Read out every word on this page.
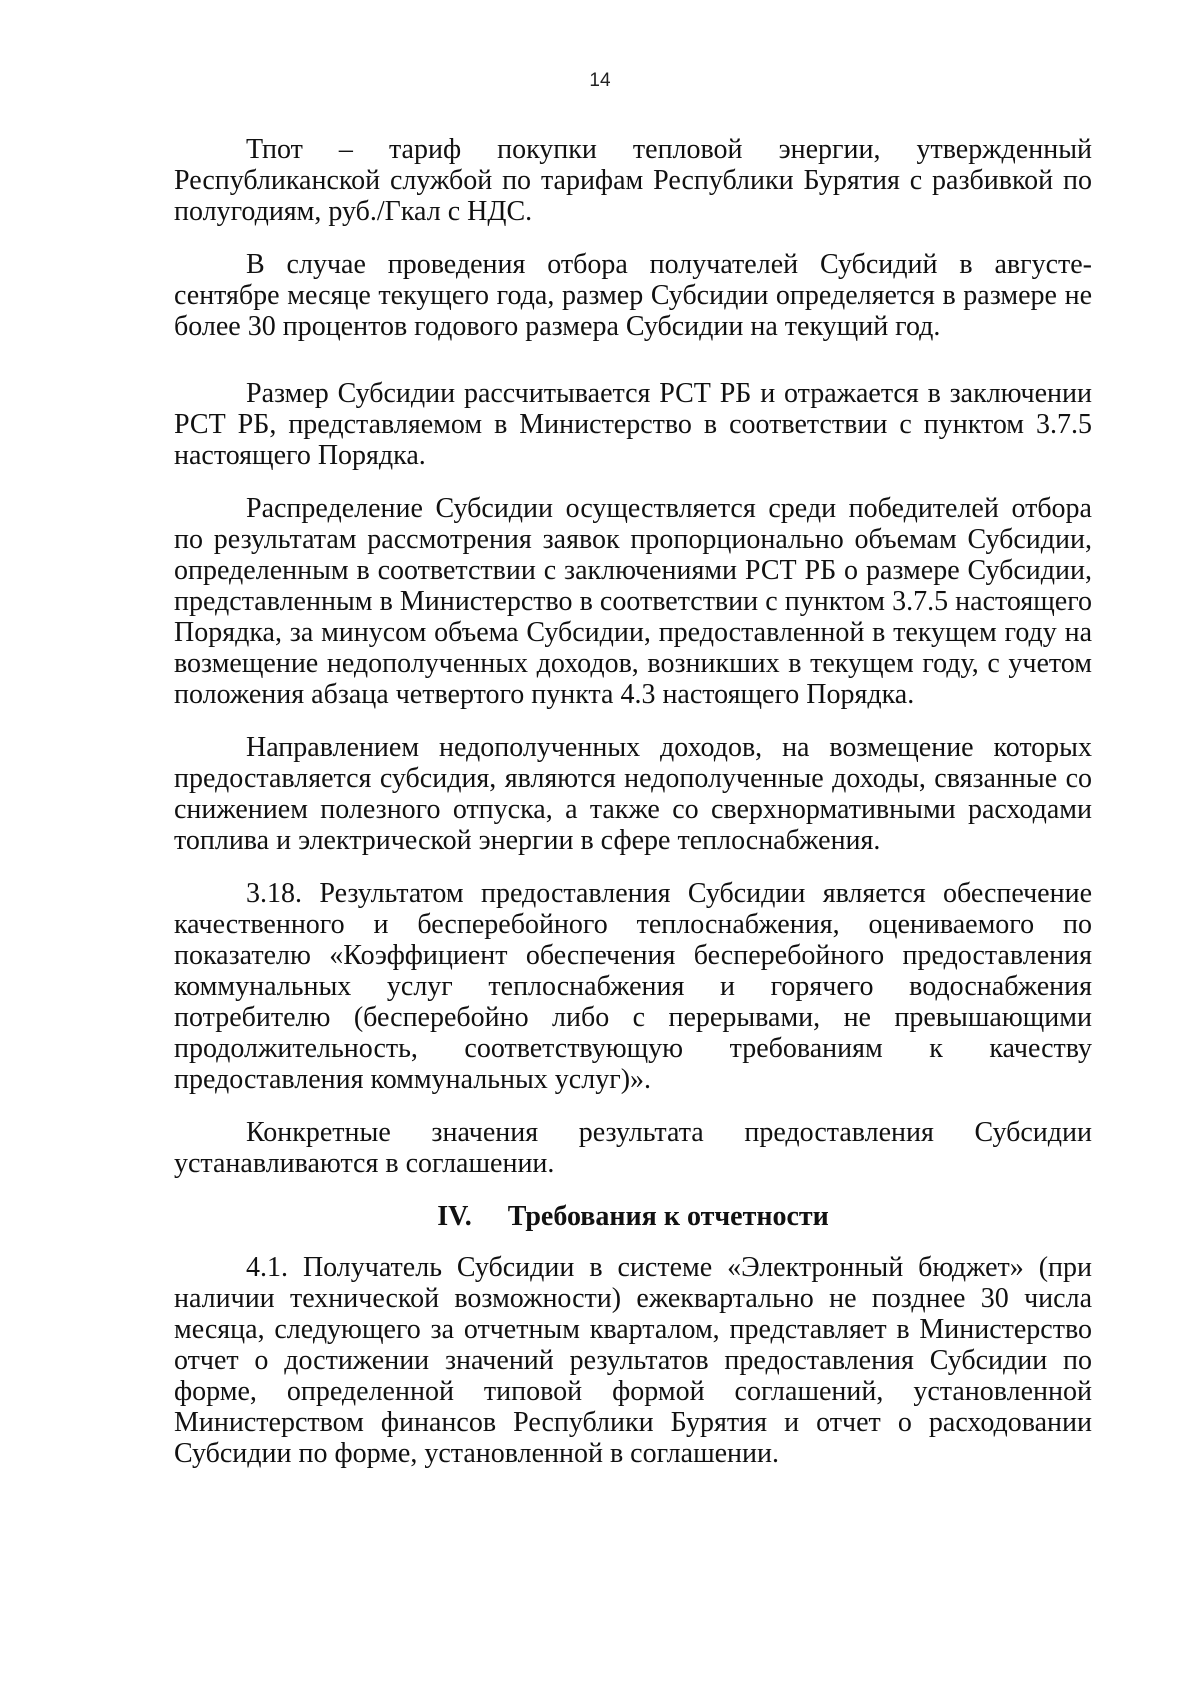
14

Тпот – тариф покупки тепловой энергии, утвержденный Республиканской службой по тарифам Республики Бурятия с разбивкой по полугодиям, руб./Гкал с НДС.

В случае проведения отбора получателей Субсидий в августе-сентябре месяце текущего года, размер Субсидии определяется в размере не более 30 процентов годового размера Субсидии на текущий год.

Размер Субсидии рассчитывается РСТ РБ и отражается в заключении РСТ РБ, представляемом в Министерство в соответствии с пунктом 3.7.5 настоящего Порядка.

Распределение Субсидии осуществляется среди победителей отбора по результатам рассмотрения заявок пропорционально объемам Субсидии, определенным в соответствии с заключениями РСТ РБ о размере Субсидии, представленным в Министерство в соответствии с пунктом 3.7.5 настоящего Порядка, за минусом объема Субсидии, предоставленной в текущем году на возмещение недополученных доходов, возникших в текущем году, с учетом положения абзаца четвертого пункта 4.3 настоящего Порядка.

Направлением недополученных доходов, на возмещение которых предоставляется субсидия, являются недополученные доходы, связанные со снижением полезного отпуска, а также со сверхнормативными расходами топлива и электрической энергии в сфере теплоснабжения.

3.18. Результатом предоставления Субсидии является обеспечение качественного и бесперебойного теплоснабжения, оцениваемого по показателю «Коэффициент обеспечения бесперебойного предоставления коммунальных услуг теплоснабжения и горячего водоснабжения потребителю (бесперебойно либо с перерывами, не превышающими продолжительность, соответствующую требованиям к качеству предоставления коммунальных услуг)».

Конкретные значения результата предоставления Субсидии устанавливаются в соглашении.

IV. Требования к отчетности

4.1. Получатель Субсидии в системе «Электронный бюджет» (при наличии технической возможности) ежеквартально не позднее 30 числа месяца, следующего за отчетным кварталом, представляет в Министерство отчет о достижении значений результатов предоставления Субсидии по форме, определенной типовой формой соглашений, установленной Министерством финансов Республики Бурятия и отчет о расходовании Субсидии по форме, установленной в соглашении.
